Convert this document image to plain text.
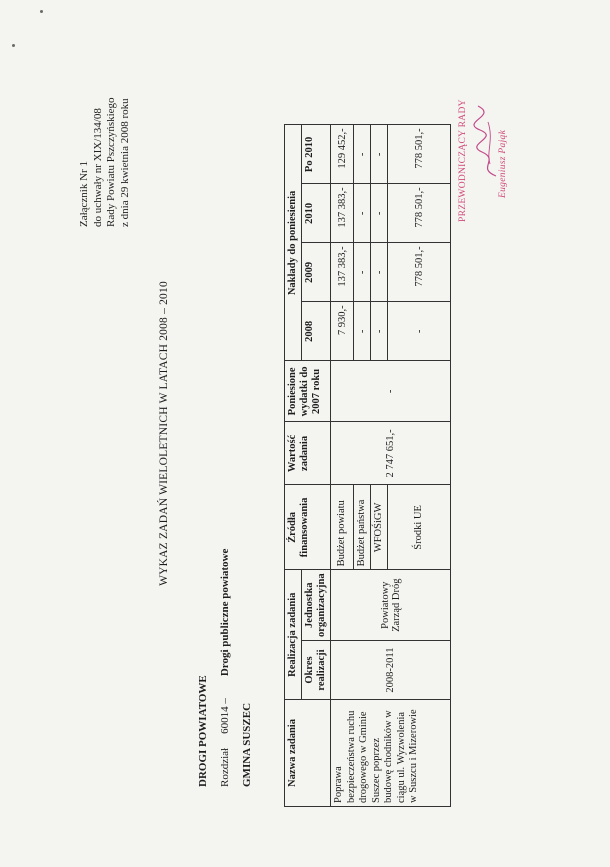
Załącznik Nr 1 do uchwały nr XIX/134/08 Rady Powiatu Pszczyńskiego z dnia 29 kwietnia 2008 roku
WYKAZ ZADAŃ WIELOLETNICH W LATACH 2008 – 2010
DROGI POWIATOWE Rozdział60014 –Drogi publiczne powiatowe
GMINA SUSZEC	Nazwa zadania	Realizacja zadania		Źródła finansowania	Wartość zadania	Poniesione wydatki do 2007 roku	Nakłady do poniesienia			
	Okres realizacji	Jednostka organizacyjna				2008	2009	2010	Po 2010
Poprawa bezpieczeństwa ruchu drogowego w Gminie Suszec poprzez budowę chodników w ciągu ul. Wyzwolenia w Suszcu i Mizerowie	2008-2011	Powiatowy Zarząd Dróg	Budżet powiatu	2 747 651,-	-	7 930,-	137 383,-	137 383,-	129 452,-
			Budżet państwa			-	-	-	-
			WFOŚiGW			-	-	-	-
			Środki UE			-	778 501,-	778 501,-	778 501,-	PRZEWODNICZĄCY RADY	Eugeniusz Pająk
